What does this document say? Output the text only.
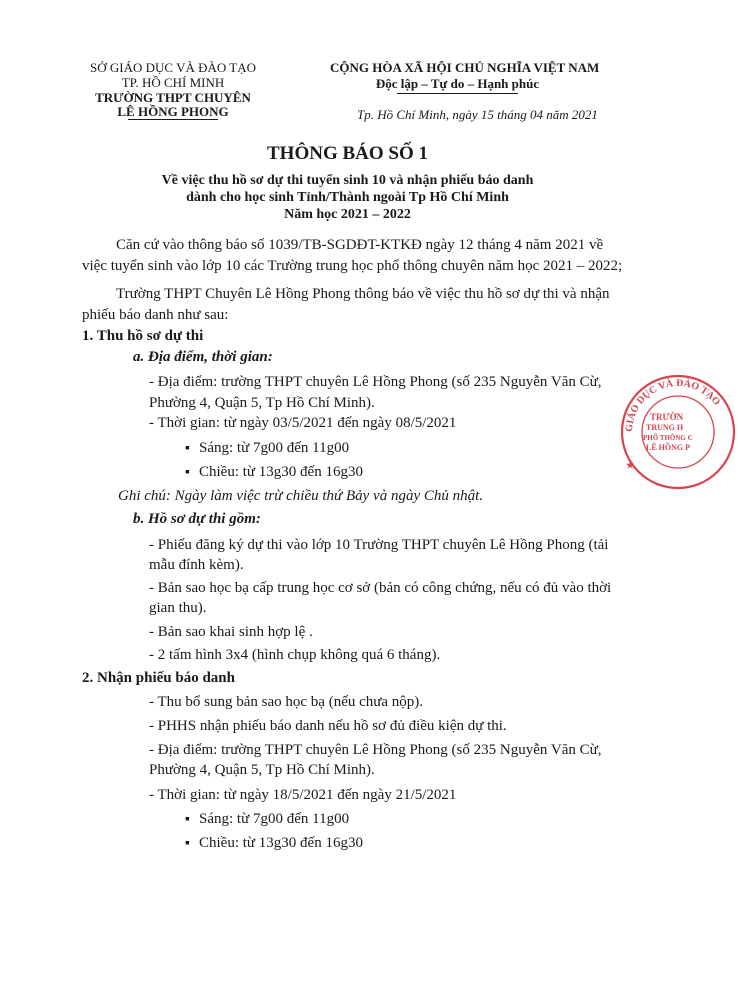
SỞ GIÁO DỤC VÀ ĐÀO TẠO
TP. HỒ CHÍ MINH
TRƯỜNG THPT CHUYÊN
LÊ HỒNG PHONG
CỘNG HÒA XÃ HỘI CHỦ NGHĨA VIỆT NAM
Độc lập – Tự do – Hạnh phúc
Tp. Hồ Chí Minh, ngày 15 tháng 04 năm 2021
THÔNG BÁO SỐ 1
Về việc thu hồ sơ dự thi tuyển sinh 10 và nhận phiếu báo danh
dành cho học sinh Tỉnh/Thành ngoài Tp Hồ Chí Minh
Năm học 2021 – 2022
Căn cứ vào thông báo số 1039/TB-SGDĐT-KTKĐ ngày 12 tháng 4 năm 2021 về
việc tuyển sinh vào lớp 10 các Trường trung học phổ thông chuyên năm học 2021 – 2022;
Trường THPT Chuyên Lê Hồng Phong thông báo về việc thu hồ sơ dự thi và nhận
phiếu báo danh như sau:
1. Thu hồ sơ dự thi
a. Địa điểm, thời gian:
- Địa điểm: trường THPT chuyên Lê Hồng Phong (số 235 Nguyễn Văn Cừ,
Phường 4, Quận 5, Tp Hồ Chí Minh).
- Thời gian: từ ngày 03/5/2021 đến ngày 08/5/2021
▪ Sáng: từ 7g00 đến 11g00
▪ Chiều: từ 13g30 đến 16g30
Ghi chú: Ngày làm việc trừ chiều thứ Bảy và ngày Chủ nhật.
b. Hồ sơ dự thi gồm:
- Phiếu đăng ký dự thi vào lớp 10 Trường THPT chuyên Lê Hồng Phong (tải
mẫu đính kèm).
- Bản sao học bạ cấp trung học cơ sở (bản có công chứng, nếu có đủ vào thời
gian thu).
- Bản sao khai sinh hợp lệ .
- 2 tấm hình 3x4 (hình chụp không quá 6 tháng).
2. Nhận phiếu báo danh
- Thu bổ sung bản sao học bạ (nếu chưa nộp).
- PHHS nhận phiếu báo danh nếu hồ sơ đủ điều kiện dự thi.
- Địa điểm: trường THPT chuyên Lê Hồng Phong (số 235 Nguyễn Văn Cừ,
Phường 4, Quận 5, Tp Hồ Chí Minh).
- Thời gian: từ ngày 18/5/2021 đến ngày 21/5/2021
▪ Sáng: từ 7g00 đến 11g00
▪ Chiều: từ 13g30 đến 16g30
GIÁO DỤC VÀ ĐÀO TẠO
TRƯỜN
TRUNG H
PHỔ THÔNG C
LÊ HỒNG P
★
